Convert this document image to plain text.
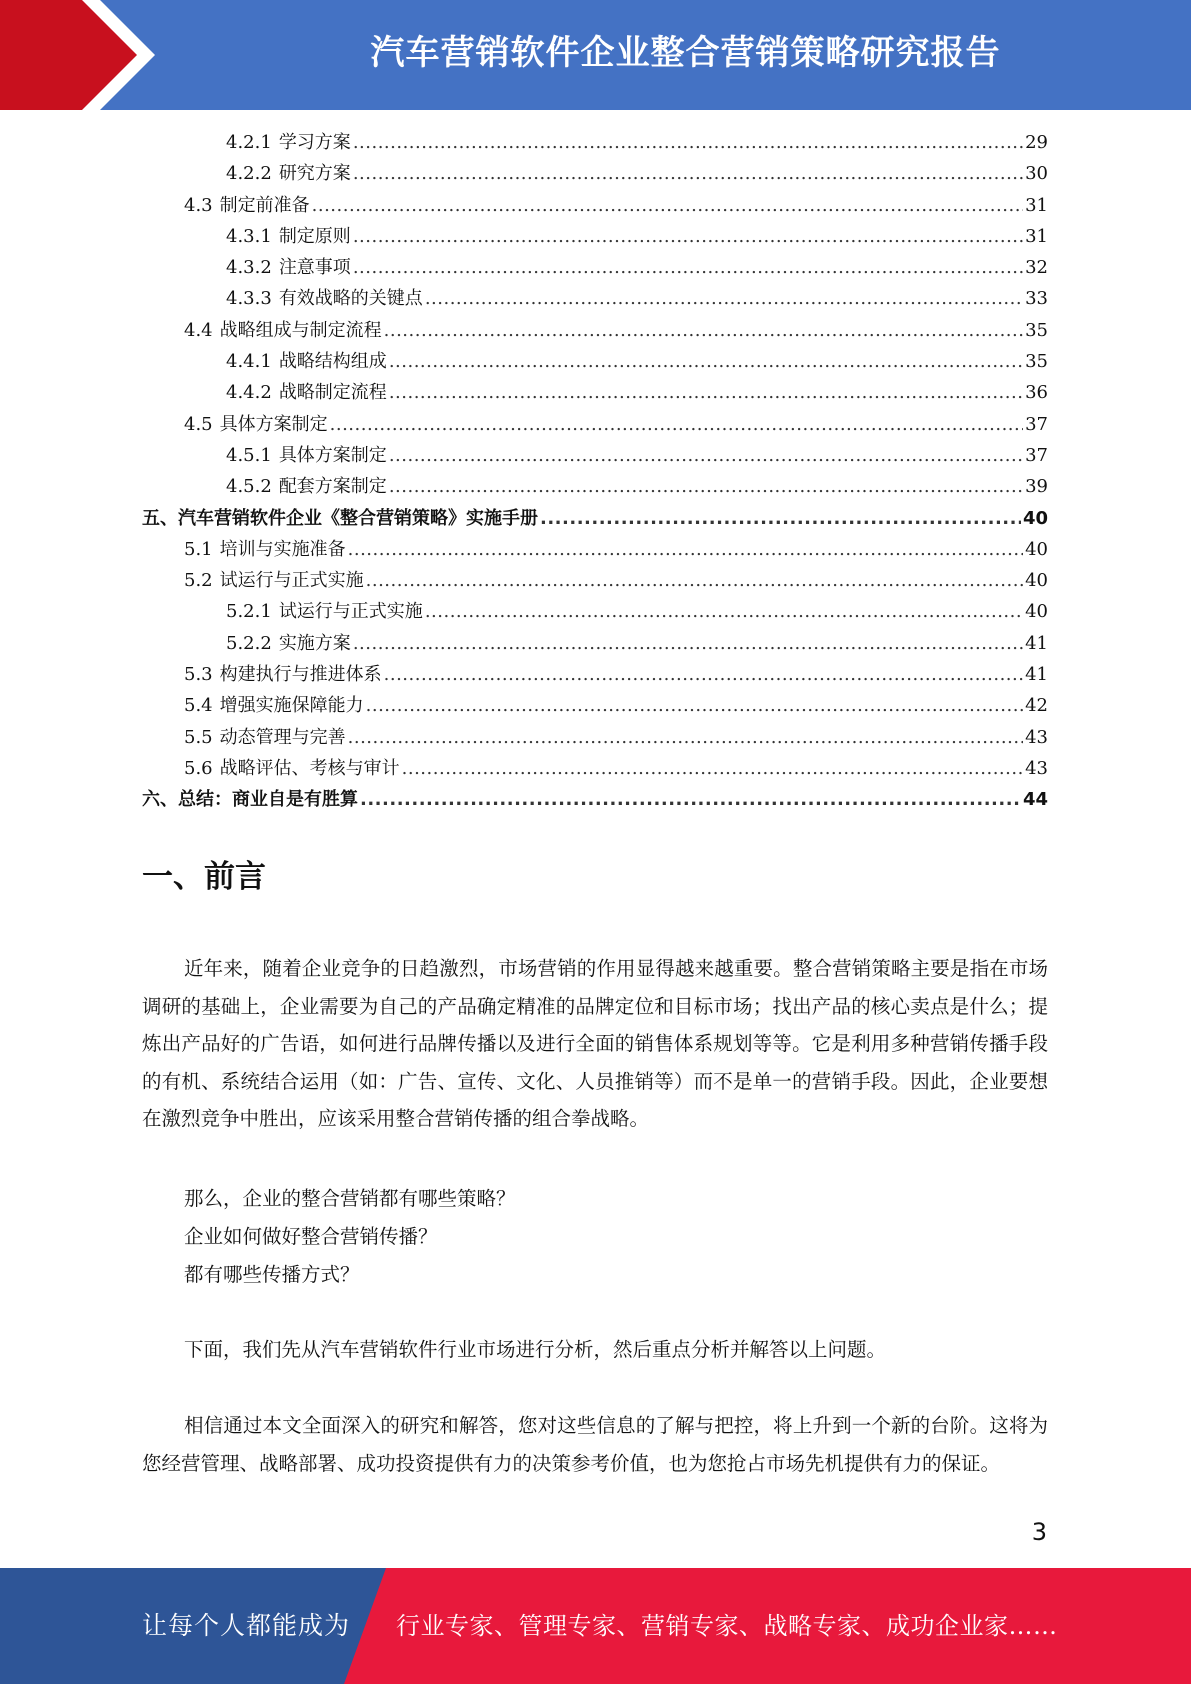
汽车营销软件企业整合营销策略研究报告
4.2.1 学习方案 .....	29
4.2.2 研究方案 .....	30
4.3 制定前准备 .....	31
4.3.1 制定原则 .....	31
4.3.2 注意事项 .....	32
4.3.3 有效战略的关键点 .....	33
4.4 战略组成与制定流程 .....	35
4.4.1 战略结构组成 .....	35
4.4.2 战略制定流程 .....	36
4.5 具体方案制定 .....	37
4.5.1 具体方案制定 .....	37
4.5.2 配套方案制定 .....	39
五、汽车营销软件企业《整合营销策略》实施手册 .....	40
5.1 培训与实施准备 .....	40
5.2 试运行与正式实施 .....	40
5.2.1 试运行与正式实施 .....	40
5.2.2 实施方案 .....	41
5.3 构建执行与推进体系 .....	41
5.4 增强实施保障能力 .....	42
5.5 动态管理与完善 .....	43
5.6 战略评估、考核与审计 .....	43
六、总结：商业自是有胜算 .....	44
一、前言

近年来，随着企业竞争的日趋激烈，市场营销的作用显得越来越重要。整合营销策略主要是指在市场调研的基础上，企业需要为自己的产品确定精准的品牌定位和目标市场；找出产品的核心卖点是什么；提炼出产品好的广告语，如何进行品牌传播以及进行全面的销售体系规划等等。它是利用多种营销传播手段的有机、系统结合运用（如：广告、宣传、文化、人员推销等）而不是单一的营销手段。因此，企业要想在激烈竞争中胜出，应该采用整合营销传播的组合拳战略。

那么，企业的整合营销都有哪些策略？

企业如何做好整合营销传播？

都有哪些传播方式？

下面，我们先从汽车营销软件行业市场进行分析，然后重点分析并解答以上问题。

相信通过本文全面深入的研究和解答，您对这些信息的了解与把控，将上升到一个新的台阶。这将为您经营管理、战略部署、成功投资提供有力的决策参考价值，也为您抢占市场先机提供有力的保证。

3
让每个人都能成为 行业专家、管理专家、营销专家、战略专家、成功企业家……
